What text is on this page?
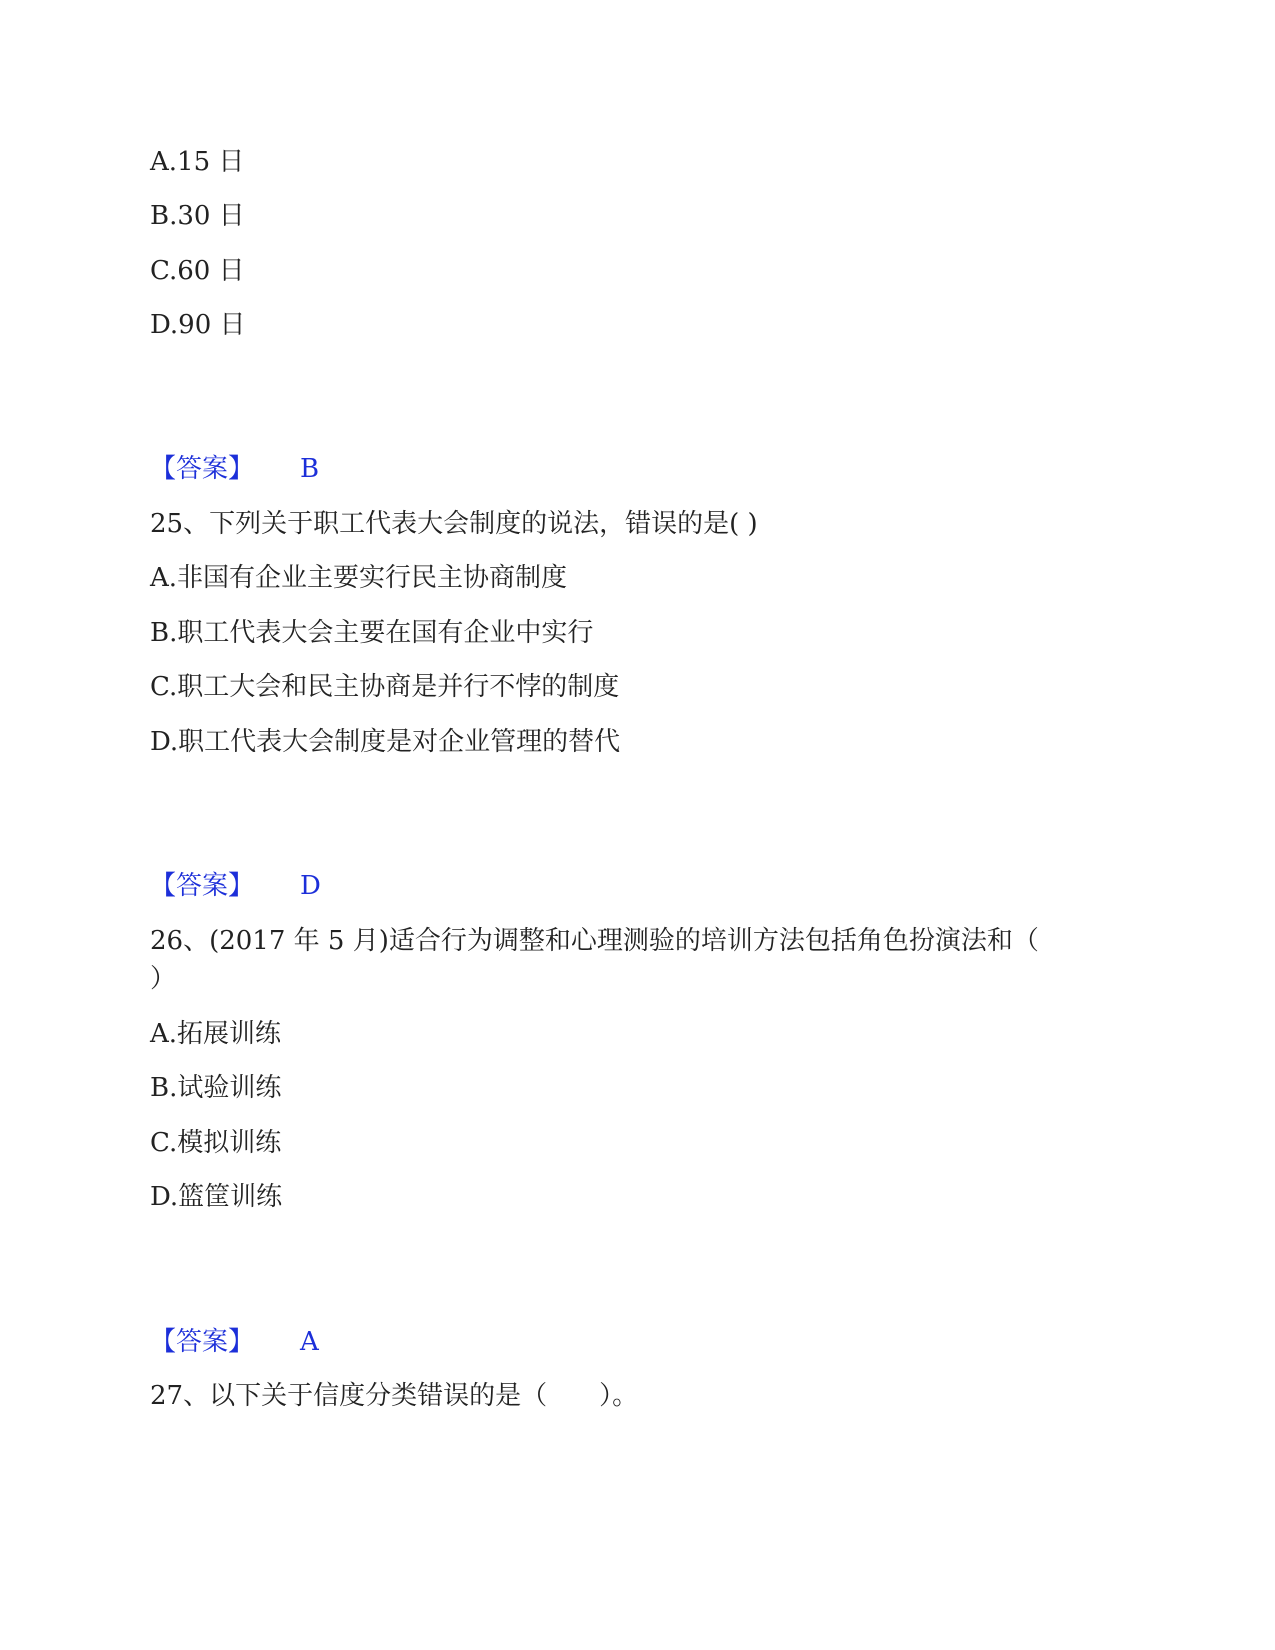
A.15 日
B.30 日
C.60 日
D.90 日
【答案】 B
25、下列关于职工代表大会制度的说法，错误的是( )
A.非国有企业主要实行民主协商制度
B.职工代表大会主要在国有企业中实行
C.职工大会和民主协商是并行不悖的制度
D.职工代表大会制度是对企业管理的替代
【答案】 D
26、(2017 年 5 月)适合行为调整和心理测验的培训方法包括角色扮演法和（
）
A.拓展训练
B.试验训练
C.模拟训练
D.篮筐训练
【答案】 A
27、以下关于信度分类错误的是（　　）。
